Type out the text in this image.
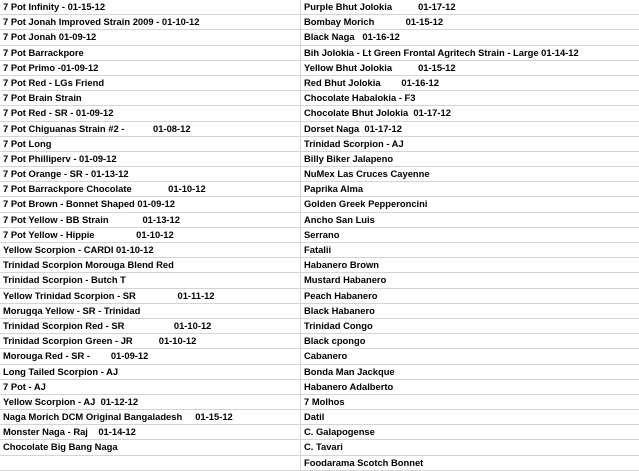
7 Pot Infinity - 01-15-12
7 Pot Jonah Improved Strain 2009 - 01-10-12
7 Pot Jonah 01-09-12
7 Pot Barrackpore
7 Pot Primo -01-09-12
7 Pot Red - LGs Friend
7 Pot Brain Strain
7 Pot Red - SR - 01-09-12
7 Pot Chiguanas Strain #2 -           01-08-12
7 Pot Long
7 Pot Philliperv - 01-09-12
7 Pot Orange - SR - 01-13-12
7 Pot Barrackpore Chocolate              01-10-12
7 Pot Brown - Bonnet Shaped 01-09-12
7 Pot Yellow - BB Strain             01-13-12
7 Pot Yellow - Hippie                01-10-12
Yellow Scorpion - CARDI 01-10-12
Trinidad Scorpion Morouga Blend Red
Trinidad Scorpion - Butch T
Yellow Trinidad Scorpion - SR                01-11-12
Morugqa Yellow - SR - Trinidad
Trinidad Scorpion Red - SR                   01-10-12
Trinidad Scorpion Green - JR          01-10-12
Morouga Red - SR -        01-09-12
Long Tailed Scorpion - AJ
7 Pot - AJ
Yellow Scorpion - AJ  01-12-12
Naga Morich DCM Original Bangaladesh     01-15-12
Monster Naga - Raj    01-14-12
Chocolate Big Bang Naga
Purple Bhut Jolokia          01-17-12
Bombay Morich            01-15-12
Black Naga   01-16-12
Bih Jolokia - Lt Green Frontal Agritech Strain - Large 01-14-12
Yellow Bhut Jolokia          01-15-12
Red Bhut Jolokia        01-16-12
Chocolate Habalokia - F3
Chocolate Bhut Jolokia  01-17-12
Dorset Naga  01-17-12
Trinidad Scorpion - AJ
Billy Biker Jalapeno
NuMex Las Cruces Cayenne
Paprika Alma
Golden Greek Pepperoncini
Ancho San Luis
Serrano
Fatalii
Habanero Brown
Mustard Habanero
Peach Habanero
Black Habanero
Trinidad Congo
Black cpongo
Cabanero
Bonda Man Jackque
Habanero Adalberto
7 Molhos
Datil
C. Galapogense
C. Tavari
Foodarama Scotch Bonnet
